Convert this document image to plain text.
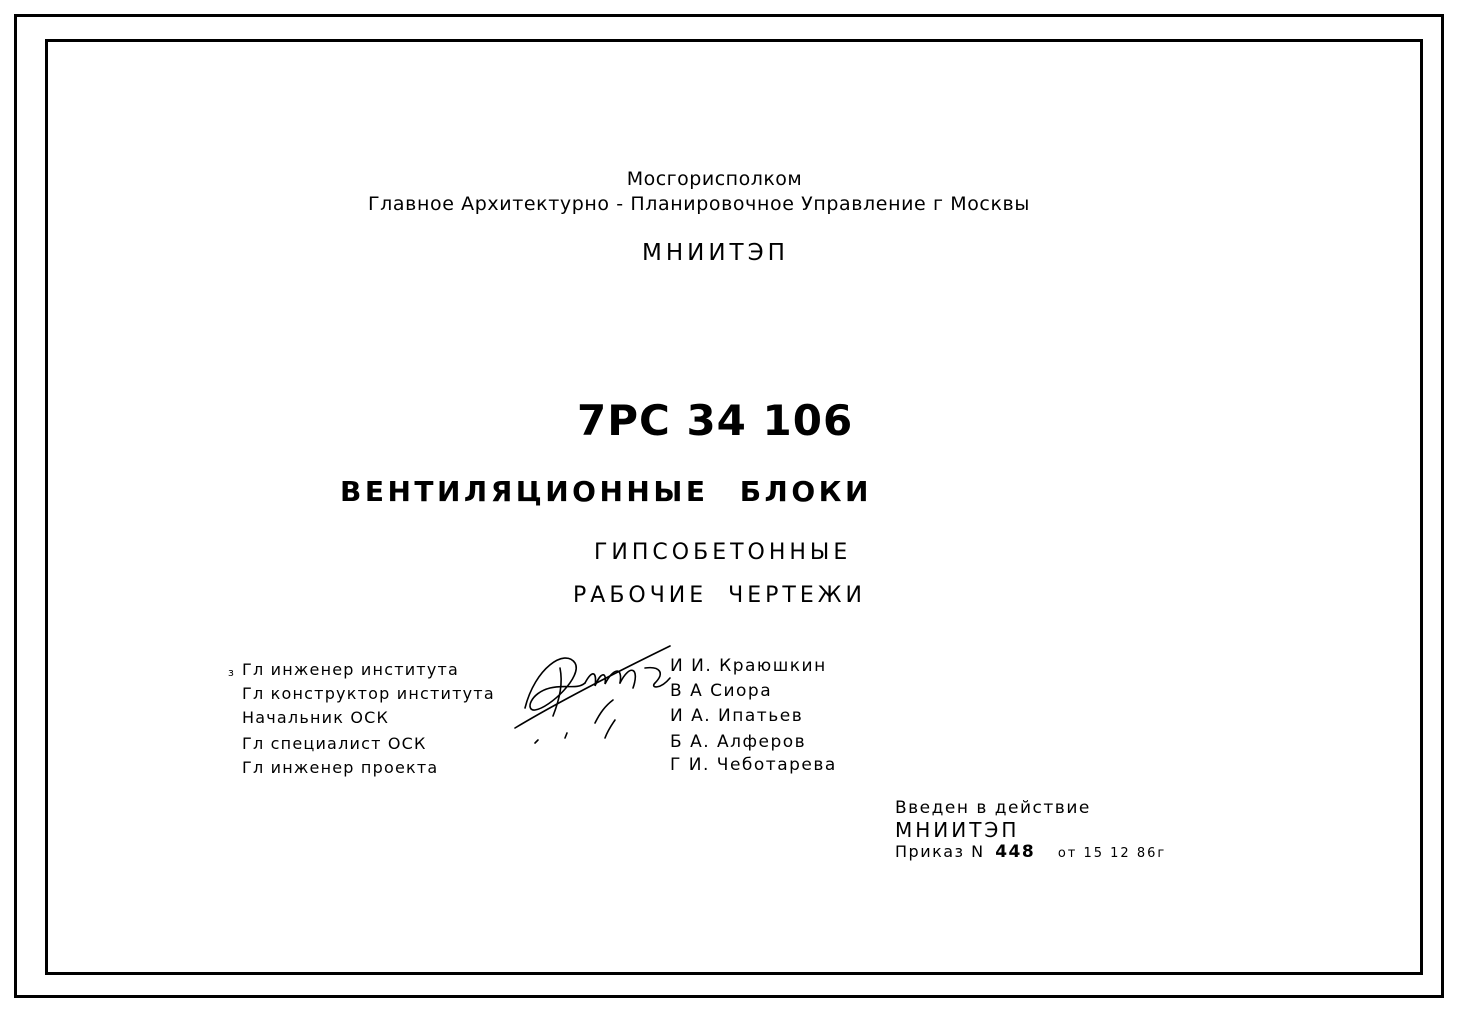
Мосгорисполком
Главное Архитектурно - Планировочное Управление г Москвы
МНИИТЭП
7РС 34 106
ВЕНТИЛЯЦИОННЫЕ БЛОКИ
ГИПСОБЕТОННЫЕ
РАБОЧИЕ ЧЕРТЕЖИ
з Гл инженер института
Гл конструктор института
Начальник ОСК
Гл специалист ОСК
Гл инженер проекта
И И. Краюшкин
В А Сиора
И А. Ипатьев
Б А. Алферов
Г И. Чеботарева
Введен в действие
МНИИТЭП
Приказ N 448 от 15 12 86г
